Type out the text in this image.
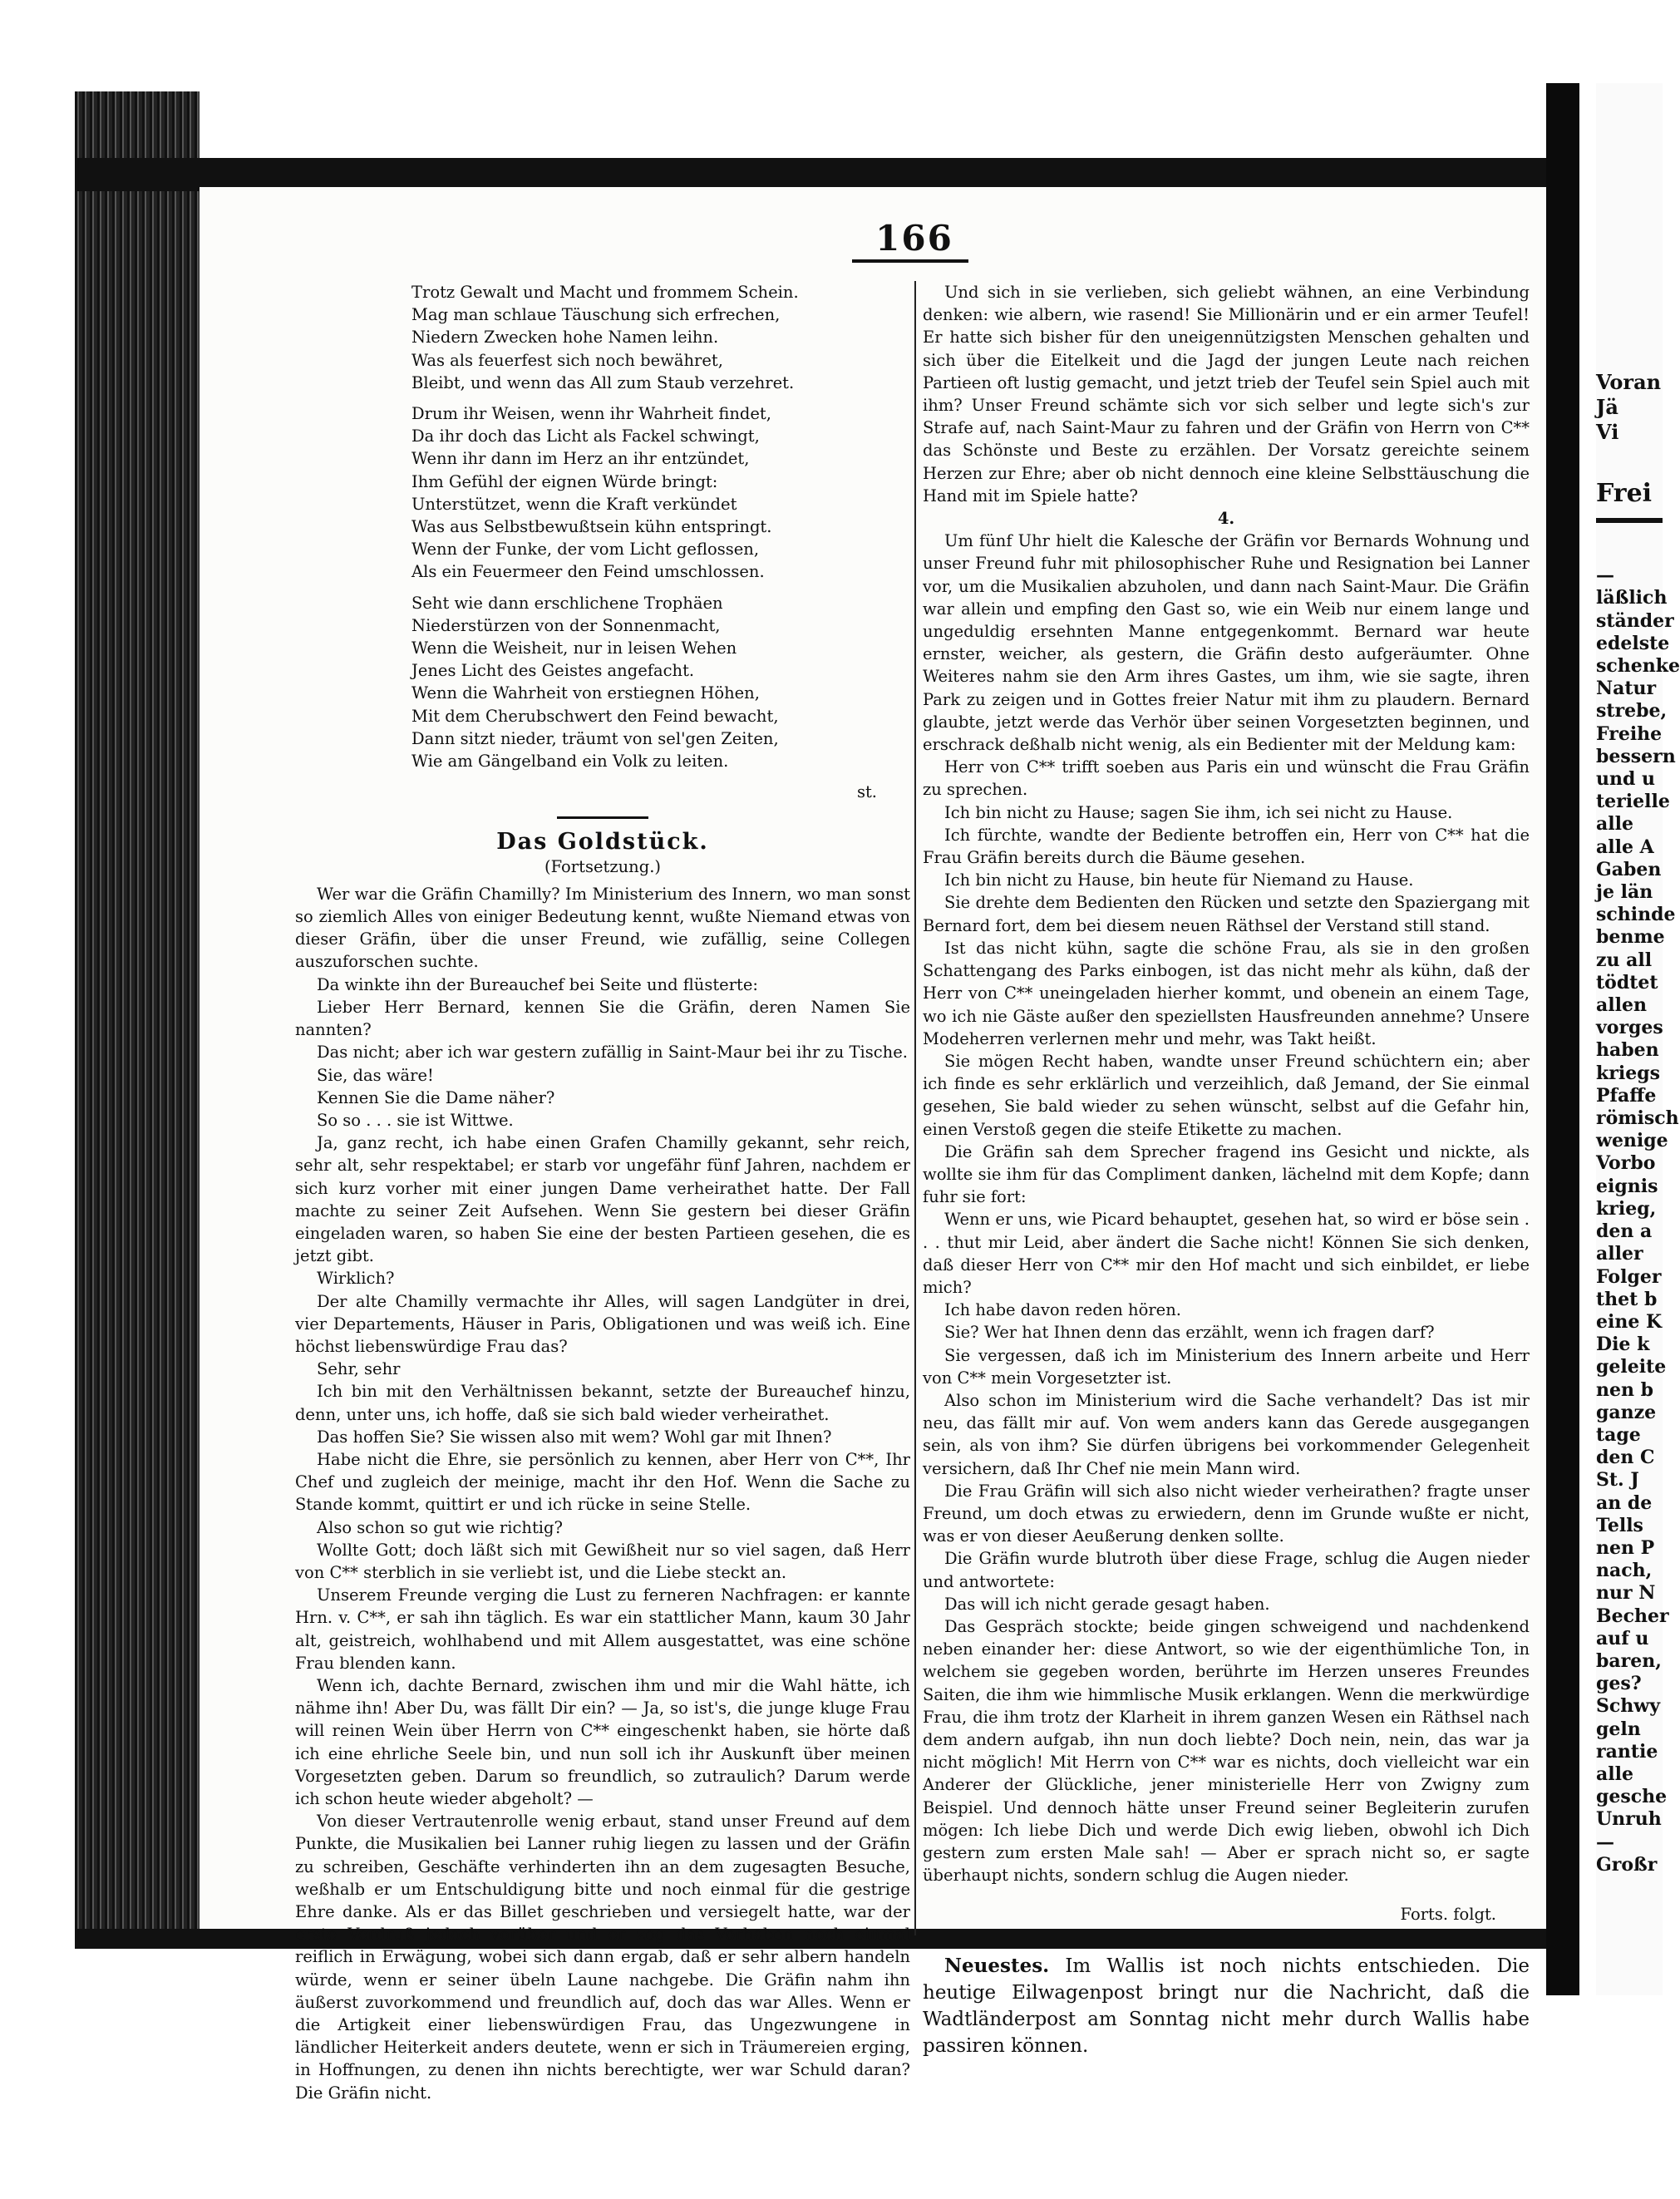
166

Trotz Gewalt und Macht und frommem Schein.

Mag man schlaue Täuschung sich erfrechen,

Niedern Zwecken hohe Namen leihn.

Was als feuerfest sich noch bewähret,

Bleibt, und wenn das All zum Staub verzehret.

Drum ihr Weisen, wenn ihr Wahrheit findet,

Da ihr doch das Licht als Fackel schwingt,

Wenn ihr dann im Herz an ihr entzündet,

Ihm Gefühl der eignen Würde bringt:

Unterstützet, wenn die Kraft verkündet

Was aus Selbstbewußtsein kühn entspringt.

Wenn der Funke, der vom Licht geflossen,

Als ein Feuermeer den Feind umschlossen.

Seht wie dann erschlichene Trophäen

Niederstürzen von der Sonnenmacht,

Wenn die Weisheit, nur in leisen Wehen

Jenes Licht des Geistes angefacht.

Wenn die Wahrheit von erstiegnen Höhen,

Mit dem Cherubschwert den Feind bewacht,

Dann sitzt nieder, träumt von sel'gen Zeiten,

Wie am Gängelband ein Volk zu leiten.

st.

Das Goldstück.
(Fortsetzung.)

Wer war die Gräfin Chamilly? Im Ministerium des Innern, wo man sonst so ziemlich Alles von einiger Bedeutung kennt, wußte Niemand etwas von dieser Gräfin, über die unser Freund, wie zufällig, seine Collegen auszuforschen suchte.

Da winkte ihn der Bureauchef bei Seite und flüsterte:

Lieber Herr Bernard, kennen Sie die Gräfin, deren Namen Sie nannten?

Das nicht; aber ich war gestern zufällig in Saint-Maur bei ihr zu Tische.

Sie, das wäre!

Kennen Sie die Dame näher?

So so . . . sie ist Wittwe.

Ja, ganz recht, ich habe einen Grafen Chamilly gekannt, sehr reich, sehr alt, sehr respektabel; er starb vor ungefähr fünf Jahren, nachdem er sich kurz vorher mit einer jungen Dame verheirathet hatte. Der Fall machte zu seiner Zeit Aufsehen. Wenn Sie gestern bei dieser Gräfin eingeladen waren, so haben Sie eine der besten Partieen gesehen, die es jetzt gibt.

Wirklich?

Der alte Chamilly vermachte ihr Alles, will sagen Landgüter in drei, vier Departements, Häuser in Paris, Obligationen und was weiß ich. Eine höchst liebenswürdige Frau das?

Sehr, sehr

Ich bin mit den Verhältnissen bekannt, setzte der Bureauchef hinzu, denn, unter uns, ich hoffe, daß sie sich bald wieder verheirathet.

Das hoffen Sie? Sie wissen also mit wem? Wohl gar mit Ihnen?

Habe nicht die Ehre, sie persönlich zu kennen, aber Herr von C**, Ihr Chef und zugleich der meinige, macht ihr den Hof. Wenn die Sache zu Stande kommt, quittirt er und ich rücke in seine Stelle.

Also schon so gut wie richtig?

Wollte Gott; doch läßt sich mit Gewißheit nur so viel sagen, daß Herr von C** sterblich in sie verliebt ist, und die Liebe steckt an.

Unserem Freunde verging die Lust zu ferneren Nachfragen: er kannte Hrn. v. C**, er sah ihn täglich. Es war ein stattlicher Mann, kaum 30 Jahr alt, geistreich, wohlhabend und mit Allem ausgestattet, was eine schöne Frau blenden kann.

Wenn ich, dachte Bernard, zwischen ihm und mir die Wahl hätte, ich nähme ihn! Aber Du, was fällt Dir ein? — Ja, so ist's, die junge kluge Frau will reinen Wein über Herrn von C** eingeschenkt haben, sie hörte daß ich eine ehrliche Seele bin, und nun soll ich ihr Auskunft über meinen Vorgesetzten geben. Darum so freundlich, so zutraulich? Darum werde ich schon heute wieder abgeholt? —

Von dieser Vertrautenrolle wenig erbaut, stand unser Freund auf dem Punkte, die Musikalien bei Lanner ruhig liegen zu lassen und der Gräfin zu schreiben, Geschäfte verhinderten ihn an dem zugesagten Besuche, weßhalb er um Entschuldigung bitte und noch einmal für die gestrige Ehre danke. Als er das Billet geschrieben und versiegelt hatte, war der erste Verdruß jedoch vorüber und er zog das Vorhaben noch einmal reiflich in Erwägung, wobei sich dann ergab, daß er sehr albern handeln würde, wenn er seiner übeln Laune nachgebe. Die Gräfin nahm ihn äußerst zuvorkommend und freundlich auf, doch das war Alles. Wenn er die Artigkeit einer liebenswürdigen Frau, das Ungezwungene in ländlicher Heiterkeit anders deutete, wenn er sich in Träumereien erging, in Hoffnungen, zu denen ihn nichts berechtigte, wer war Schuld daran? Die Gräfin nicht.

Und sich in sie verlieben, sich geliebt wähnen, an eine Verbindung denken: wie albern, wie rasend! Sie Millionärin und er ein armer Teufel! Er hatte sich bisher für den uneigennützigsten Menschen gehalten und sich über die Eitelkeit und die Jagd der jungen Leute nach reichen Partieen oft lustig gemacht, und jetzt trieb der Teufel sein Spiel auch mit ihm? Unser Freund schämte sich vor sich selber und legte sich's zur Strafe auf, nach Saint-Maur zu fahren und der Gräfin von Herrn von C** das Schönste und Beste zu erzählen. Der Vorsatz gereichte seinem Herzen zur Ehre; aber ob nicht dennoch eine kleine Selbsttäuschung die Hand mit im Spiele hatte?

4.

Um fünf Uhr hielt die Kalesche der Gräfin vor Bernards Wohnung und unser Freund fuhr mit philosophischer Ruhe und Resignation bei Lanner vor, um die Musikalien abzuholen, und dann nach Saint-Maur. Die Gräfin war allein und empfing den Gast so, wie ein Weib nur einem lange und ungeduldig ersehnten Manne entgegenkommt. Bernard war heute ernster, weicher, als gestern, die Gräfin desto aufgeräumter. Ohne Weiteres nahm sie den Arm ihres Gastes, um ihm, wie sie sagte, ihren Park zu zeigen und in Gottes freier Natur mit ihm zu plaudern. Bernard glaubte, jetzt werde das Verhör über seinen Vorgesetzten beginnen, und erschrack deßhalb nicht wenig, als ein Bedienter mit der Meldung kam:

Herr von C** trifft soeben aus Paris ein und wünscht die Frau Gräfin zu sprechen.

Ich bin nicht zu Hause; sagen Sie ihm, ich sei nicht zu Hause.

Ich fürchte, wandte der Bediente betroffen ein, Herr von C** hat die Frau Gräfin bereits durch die Bäume gesehen.

Ich bin nicht zu Hause, bin heute für Niemand zu Hause.

Sie drehte dem Bedienten den Rücken und setzte den Spaziergang mit Bernard fort, dem bei diesem neuen Räthsel der Verstand still stand.

Ist das nicht kühn, sagte die schöne Frau, als sie in den großen Schattengang des Parks einbogen, ist das nicht mehr als kühn, daß der Herr von C** uneingeladen hierher kommt, und obenein an einem Tage, wo ich nie Gäste außer den speziellsten Hausfreunden annehme? Unsere Modeherren verlernen mehr und mehr, was Takt heißt.

Sie mögen Recht haben, wandte unser Freund schüchtern ein; aber ich finde es sehr erklärlich und verzeihlich, daß Jemand, der Sie einmal gesehen, Sie bald wieder zu sehen wünscht, selbst auf die Gefahr hin, einen Verstoß gegen die steife Etikette zu machen.

Die Gräfin sah dem Sprecher fragend ins Gesicht und nickte, als wollte sie ihm für das Compliment danken, lächelnd mit dem Kopfe; dann fuhr sie fort:

Wenn er uns, wie Picard behauptet, gesehen hat, so wird er böse sein . . . thut mir Leid, aber ändert die Sache nicht! Können Sie sich denken, daß dieser Herr von C** mir den Hof macht und sich einbildet, er liebe mich?

Ich habe davon reden hören.

Sie? Wer hat Ihnen denn das erzählt, wenn ich fragen darf?

Sie vergessen, daß ich im Ministerium des Innern arbeite und Herr von C** mein Vorgesetzter ist.

Also schon im Ministerium wird die Sache verhandelt? Das ist mir neu, das fällt mir auf. Von wem anders kann das Gerede ausgegangen sein, als von ihm? Sie dürfen übrigens bei vorkommender Gelegenheit versichern, daß Ihr Chef nie mein Mann wird.

Die Frau Gräfin will sich also nicht wieder verheirathen? fragte unser Freund, um doch etwas zu erwiedern, denn im Grunde wußte er nicht, was er von dieser Aeußerung denken sollte.

Die Gräfin wurde blutroth über diese Frage, schlug die Augen nieder und antwortete:

Das will ich nicht gerade gesagt haben.

Das Gespräch stockte; beide gingen schweigend und nachdenkend neben einander her: diese Antwort, so wie der eigenthümliche Ton, in welchem sie gegeben worden, berührte im Herzen unseres Freundes Saiten, die ihm wie himmlische Musik erklangen. Wenn die merkwürdige Frau, die ihm trotz der Klarheit in ihrem ganzen Wesen ein Räthsel nach dem andern aufgab, ihn nun doch liebte? Doch nein, nein, das war ja nicht möglich! Mit Herrn von C** war es nichts, doch vielleicht war ein Anderer der Glückliche, jener ministerielle Herr von Zwigny zum Beispiel. Und dennoch hätte unser Freund seiner Begleiterin zurufen mögen: Ich liebe Dich und werde Dich ewig lieben, obwohl ich Dich gestern zum ersten Male sah! — Aber er sprach nicht so, er sagte überhaupt nichts, sondern schlug die Augen nieder.

Forts. folgt.

Neuestes. Im Wallis ist noch nichts entschieden. Die heutige Eilwagenpost bringt nur die Nachricht, daß die Wadtländerpost am Sonntag nicht mehr durch Wallis habe passiren können.

Voran
Jä
Vi
Frei
—
läßlich
ständer
edelste
schenke
Natur
strebe,
Freihe
bessern
und u
terielle
alle
alle A
Gaben
je län
schinde
benme
zu all
tödtet
allen
vorges
haben
kriegs
Pfaffe
römisch
wenige
Vorbo
eignis
krieg,
den a
aller
Folger
thet b
eine K
Die k
geleite
nen b
ganze
tage
den C
St. J
an de
Tells
nen P
nach,
nur N
Becher
auf u
baren,
ges?
Schwy
geln
rantie
alle
gesche
Unruh
—
Großr
